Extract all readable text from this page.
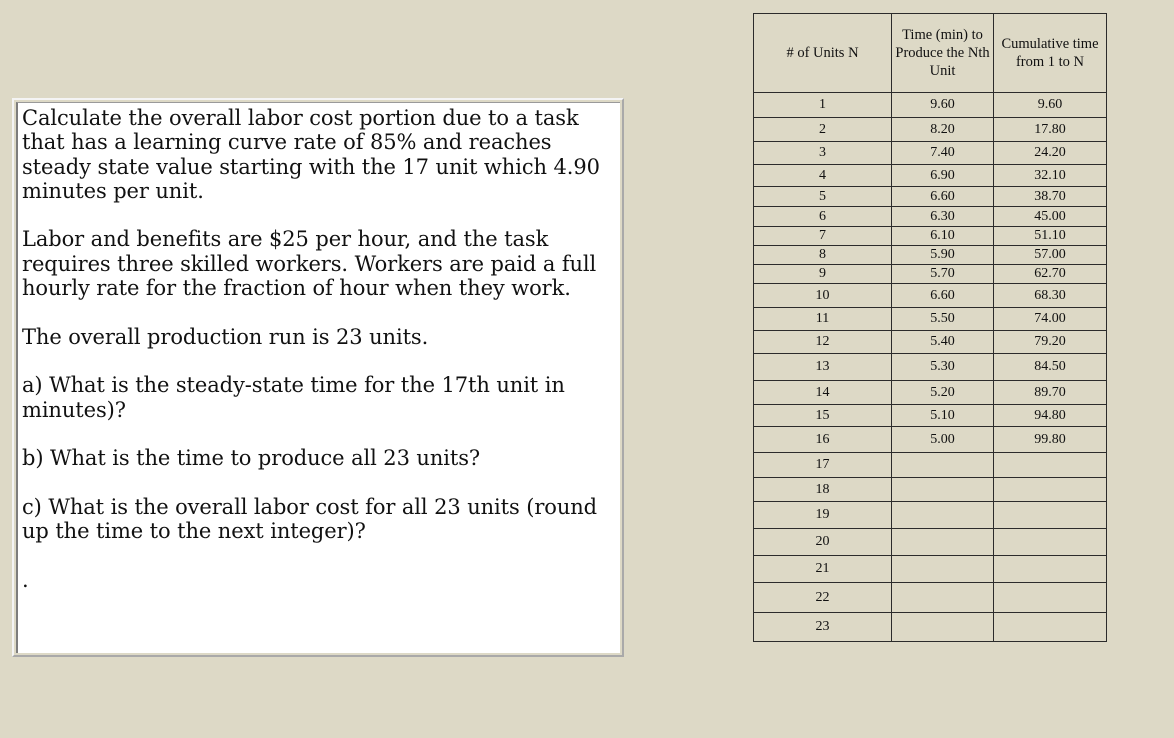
Calculate the overall labor cost portion due to a task that has a learning curve rate of 85% and reaches steady state value starting with the 17 unit which 4.90 minutes per unit.

Labor and benefits are $25 per hour, and the task requires three skilled workers. Workers are paid a full hourly rate for the fraction of hour when they work.

The overall production run is 23 units.

a) What is the steady-state time for the 17th unit in minutes)?

b) What is the time to produce all 23 units?

c) What is the overall labor cost for all 23 units (round up the time to the next integer)?

.

# of Units N	Time (min) to Produce the Nth Unit	Cumulative time from 1 to N
1	9.60	9.60
2	8.20	17.80
3	7.40	24.20
4	6.90	32.10
5	6.60	38.70
6	6.30	45.00
7	6.10	51.10
8	5.90	57.00
9	5.70	62.70
10	6.60	68.30
11	5.50	74.00
12	5.40	79.20
13	5.30	84.50
14	5.20	89.70
15	5.10	94.80
16	5.00	99.80
17		
18		
19		
20		
21		
22		
23		
